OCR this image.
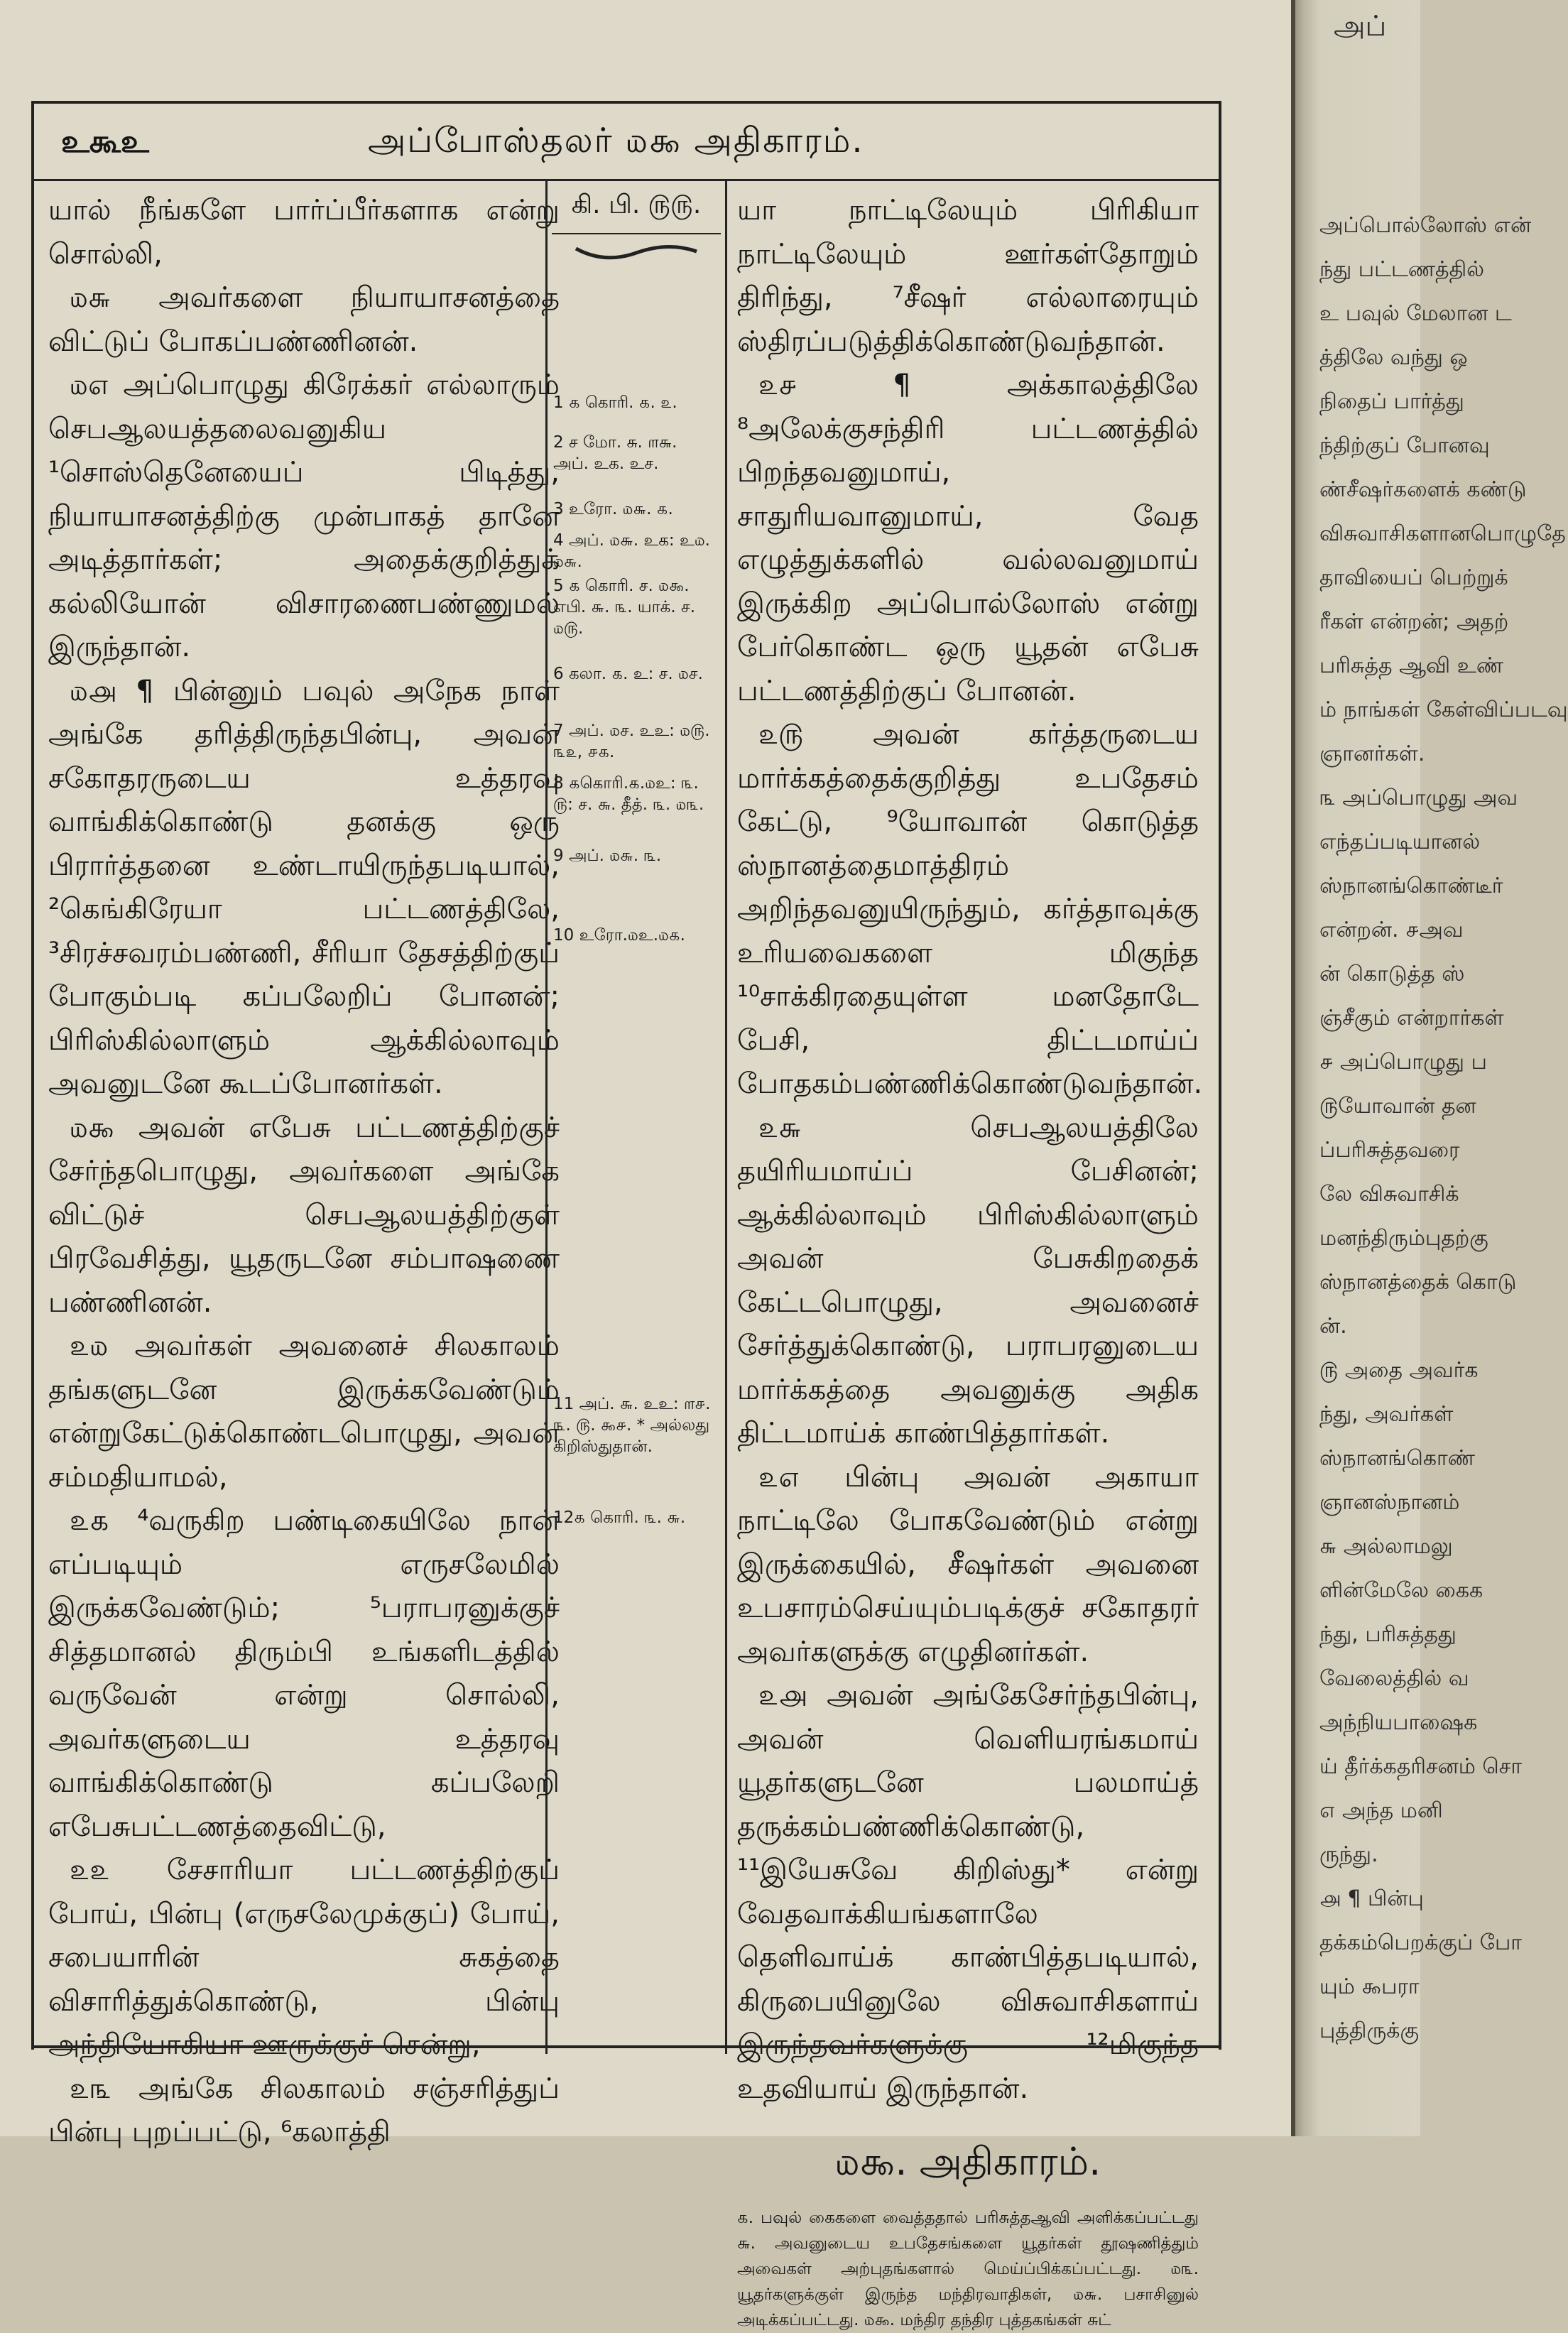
உகூஉ	அப்போஸ்தலர் ௰௯ அதிகாரம்.

யால் நீங்களே பார்ப்பீர்களாக என்று சொல்லி,

௰௬ அவர்களை நியாயாசனத்தை விட்டுப் போகப்பண்ணினன்.

௰௭ அப்பொழுது கிரேக்கர் எல்லாரும் செபஆலயத்தலைவனுகிய ¹சொஸ்தெனேயைப் பிடித்து, நியாயாசனத்திற்கு முன்பாகத் தானே அடித்தார்கள்; அதைக்குறித்துக் கல்லியோன் விசாரணைபண்ணுமல் இருந்தான்.

௰௮ ¶ பின்னும் பவுல் அநேக நாள் அங்கே தரித்திருந்தபின்பு, அவன் சகோதரருடைய உத்தரவு வாங்கிக்கொண்டு தனக்கு ஒரு பிரார்த்தனை உண்டாயிருந்தபடியால், ²கெங்கிரேயா பட்டணத்திலே, ³சிரச்சவரம்பண்ணி, சீரியா தேசத்திற்குப் போகும்படி கப்பலேறிப் போனன்; பிரிஸ்கில்லாளும் ஆக்கில்லாவும் அவனுடனே கூடப்போனர்கள்.

௰௯ அவன் எபேசு பட்டணத்திற்குச் சேர்ந்தபொழுது, அவர்களை அங்கே விட்டுச் செபஆலயத்திற்குள் பிரவேசித்து, யூதருடனே சம்பாஷணை பண்ணினன்.

௨௰ அவர்கள் அவனைச் சிலகாலம் தங்களுடனே இருக்கவேண்டும் என்றுகேட்டுக்கொண்டபொழுது, அவன் சம்மதியாமல்,

௨௧ ⁴வருகிற பண்டிகையிலே நான் எப்படியும் எருசலேமில் இருக்கவேண்டும்; ⁵பராபரனுக்குச் சித்தமானல் திரும்பி உங்களிடத்தில் வருவேன் என்று சொல்லி, அவர்களுடைய உத்தரவு வாங்கிக்கொண்டு கப்பலேறி எபேசுபட்டணத்தைவிட்டு,

௨௨ சேசாரியா பட்டணத்திற்குப் போய், பின்பு (எருசலேமுக்குப்) போய், சபையாரின் சுகத்தை விசாரித்துக்கொண்டு, பின்பு அந்தியோகியா ஊருக்குச் சென்று,

௨௩ அங்கே சிலகாலம் சஞ்சரித்துப் பின்பு புறப்பட்டு, ⁶கலாத்தி

கி. பி. ௫௫.
1 ௧ கொரி. ௧. ௨.
2 ச மோ. சு. ௱௬. அப். உக. உச.
3 உரோ. ௰௬. ௧.
4 அப். ௰௬. உக: உ௰. ௰௬.
5 ௧ கொரி. ச. ௰௯. எபி. ௬. ௩. யாக். ச. ௰௫.
6 கலா. ௧. உ: ச. ௰ச.
7 அப். ௰ச. உஉ: ௰௫. ௩௨, ௪௧.
8 ௧கொரி.௧.௰உ: ௩. ௫: ச. ௬. தீத். ௩. ௰௩.
9 அப். ௰௬. ௩.
10 உரோ.௰உ.௰௧.
11 அப். ௬. உஉ: ௱௪. ௩. ௫. ௯௪. * அல்லது கிறிஸ்துதான்.
12௧ கொரி. ௩. ௬.

யா நாட்டிலேயும் பிரிகியா நாட்டிலேயும் ஊர்கள்தோறும் திரிந்து, ⁷சீஷர் எல்லாரையும் ஸ்திரப்படுத்திக்கொண்டுவந்தான்.

௨௪ ¶ அக்காலத்திலே ⁸அலேக்குசந்திரி பட்டணத்தில் பிறந்தவனுமாய், சாதுரியவானுமாய், வேத எழுத்துக்களில் வல்லவனுமாய் இருக்கிற அப்பொல்லோஸ் என்று பேர்கொண்ட ஒரு யூதன் எபேசு பட்டணத்திற்குப் போனன்.

௨௫ அவன் கர்த்தருடைய மார்க்கத்தைக்குறித்து உபதேசம் கேட்டு, ⁹யோவான் கொடுத்த ஸ்நானத்தைமாத்திரம் அறிந்தவனுயிருந்தும், கர்த்தாவுக்கு உரியவைகளை மிகுந்த ¹⁰சாக்கிரதையுள்ள மனதோடே பேசி, திட்டமாய்ப் போதகம்பண்ணிக்கொண்டுவந்தான்.

௨௬ செபஆலயத்திலே தயிரியமாய்ப் பேசினன்; ஆக்கில்லாவும் பிரிஸ்கில்லாளும் அவன் பேசுகிறதைக் கேட்டபொழுது, அவனைச் சேர்த்துக்கொண்டு, பராபரனுடைய மார்க்கத்தை அவனுக்கு அதிக திட்டமாய்க் காண்பித்தார்கள்.

௨௭ பின்பு அவன் அகாயா நாட்டிலே போகவேண்டும் என்று இருக்கையில், சீஷர்கள் அவனை உபசாரம்செய்யும்படிக்குச் சகோதரர் அவர்களுக்கு எழுதினர்கள்.

௨௮ அவன் அங்கேசேர்ந்தபின்பு, அவன் வெளியரங்கமாய் யூதர்களுடனே பலமாய்த் தருக்கம்பண்ணிக்கொண்டு, ¹¹இயேசுவே கிறிஸ்து* என்று வேதவாக்கியங்களாலே தெளிவாய்க் காண்பித்தபடியால், கிருபையினுலே விசுவாசிகளாய் இருந்தவர்களுக்கு ¹²மிகுந்த உதவியாய் இருந்தான்.

௰௯. அதிகாரம்.
௧. பவுல் கைகளை வைத்ததால் பரிசுத்தஆவி அளிக்கப்பட்டது ௬. அவனுடைய உபதேசங்களை யூதர்கள் தூஷணித்தும் அவைகள் அற்புதங்களால் மெய்ப்பிக்கப்பட்டது. ௰௩. யூதர்களுக்குள் இருந்த மந்திரவாதிகள், ௰௬. பசாசினுல் அடிக்கப்பட்டது. ௰௯. மந்திர தந்திர புத்தகங்கள் சுட்
அப்
அப்பொல்லோஸ் என்
ந்து பட்டணத்தில்
உ பவுல் மேலான ட
த்திலே வந்து ஒ
நிதைப் பார்த்து
ந்திற்குப் போனவு
ண்சீஷர்களைக் கண்டு
விசுவாசிகளானபொழுதே
தாவியைப் பெற்றுக்
ரீகள் என்றன்; அதற்
பரிசுத்த ஆவி உண்
ம் நாங்கள் கேள்விப்படவு
ஞானர்கள்.
௩ அப்பொழுது அவ
எந்தப்படியானல்
ஸ்நானங்கொண்டீர்
என்றன். ௪அவ
ன் கொடுத்த ஸ்
ஞ்சீகும் என்றார்கள்
௪ அப்பொழுது ப
௫யோவான் தன
ப்பரிசுத்தவரை
லே விசுவாசிக்
மனந்திரும்புதற்கு
ஸ்நானத்தைக் கொடு
ன்.
௫ அதை அவர்க
ந்து, அவர்கள்
ஸ்நானங்கொண்
ஞானஸ்நானம்
௬ அல்லாமலு
ளின்மேலே கைக
ந்து, பரிசுத்தது
வேலைத்தில் வ
அந்நியபாஷைக
ய் தீர்க்கதரிசனம் சொ
௭ அந்த மனி
ருந்து.
௮ ¶ பின்பு
தக்கம்பெறக்குப் போ
யும் ௯பரா
புத்திருக்கு
